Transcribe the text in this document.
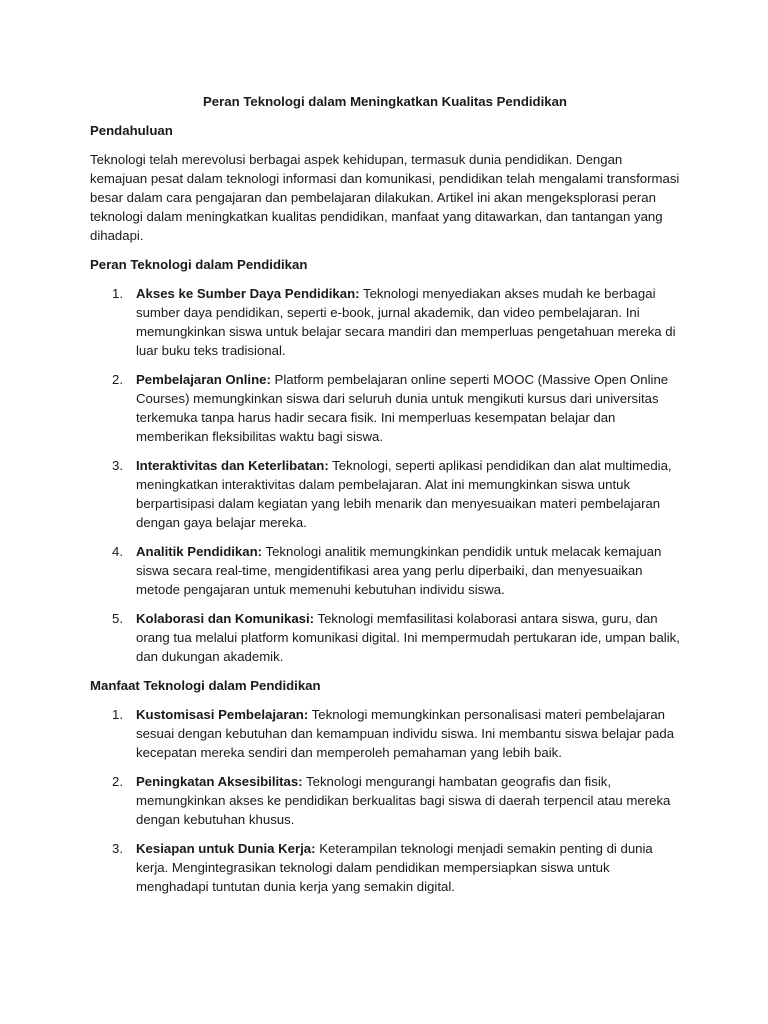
Peran Teknologi dalam Meningkatkan Kualitas Pendidikan
Pendahuluan

Teknologi telah merevolusi berbagai aspek kehidupan, termasuk dunia pendidikan. Dengan kemajuan pesat dalam teknologi informasi dan komunikasi, pendidikan telah mengalami transformasi besar dalam cara pengajaran dan pembelajaran dilakukan. Artikel ini akan mengeksplorasi peran teknologi dalam meningkatkan kualitas pendidikan, manfaat yang ditawarkan, dan tantangan yang dihadapi.

Peran Teknologi dalam Pendidikan
1. Akses ke Sumber Daya Pendidikan: Teknologi menyediakan akses mudah ke berbagai sumber daya pendidikan, seperti e-book, jurnal akademik, dan video pembelajaran. Ini memungkinkan siswa untuk belajar secara mandiri dan memperluas pengetahuan mereka di luar buku teks tradisional.
2. Pembelajaran Online: Platform pembelajaran online seperti MOOC (Massive Open Online Courses) memungkinkan siswa dari seluruh dunia untuk mengikuti kursus dari universitas terkemuka tanpa harus hadir secara fisik. Ini memperluas kesempatan belajar dan memberikan fleksibilitas waktu bagi siswa.
3. Interaktivitas dan Keterlibatan: Teknologi, seperti aplikasi pendidikan dan alat multimedia, meningkatkan interaktivitas dalam pembelajaran. Alat ini memungkinkan siswa untuk berpartisipasi dalam kegiatan yang lebih menarik dan menyesuaikan materi pembelajaran dengan gaya belajar mereka.
4. Analitik Pendidikan: Teknologi analitik memungkinkan pendidik untuk melacak kemajuan siswa secara real-time, mengidentifikasi area yang perlu diperbaiki, dan menyesuaikan metode pengajaran untuk memenuhi kebutuhan individu siswa.
5. Kolaborasi dan Komunikasi: Teknologi memfasilitasi kolaborasi antara siswa, guru, dan orang tua melalui platform komunikasi digital. Ini mempermudah pertukaran ide, umpan balik, dan dukungan akademik.
Manfaat Teknologi dalam Pendidikan
1. Kustomisasi Pembelajaran: Teknologi memungkinkan personalisasi materi pembelajaran sesuai dengan kebutuhan dan kemampuan individu siswa. Ini membantu siswa belajar pada kecepatan mereka sendiri dan memperoleh pemahaman yang lebih baik.
2. Peningkatan Aksesibilitas: Teknologi mengurangi hambatan geografis dan fisik, memungkinkan akses ke pendidikan berkualitas bagi siswa di daerah terpencil atau mereka dengan kebutuhan khusus.
3. Kesiapan untuk Dunia Kerja: Keterampilan teknologi menjadi semakin penting di dunia kerja. Mengintegrasikan teknologi dalam pendidikan mempersiapkan siswa untuk menghadapi tuntutan dunia kerja yang semakin digital.
